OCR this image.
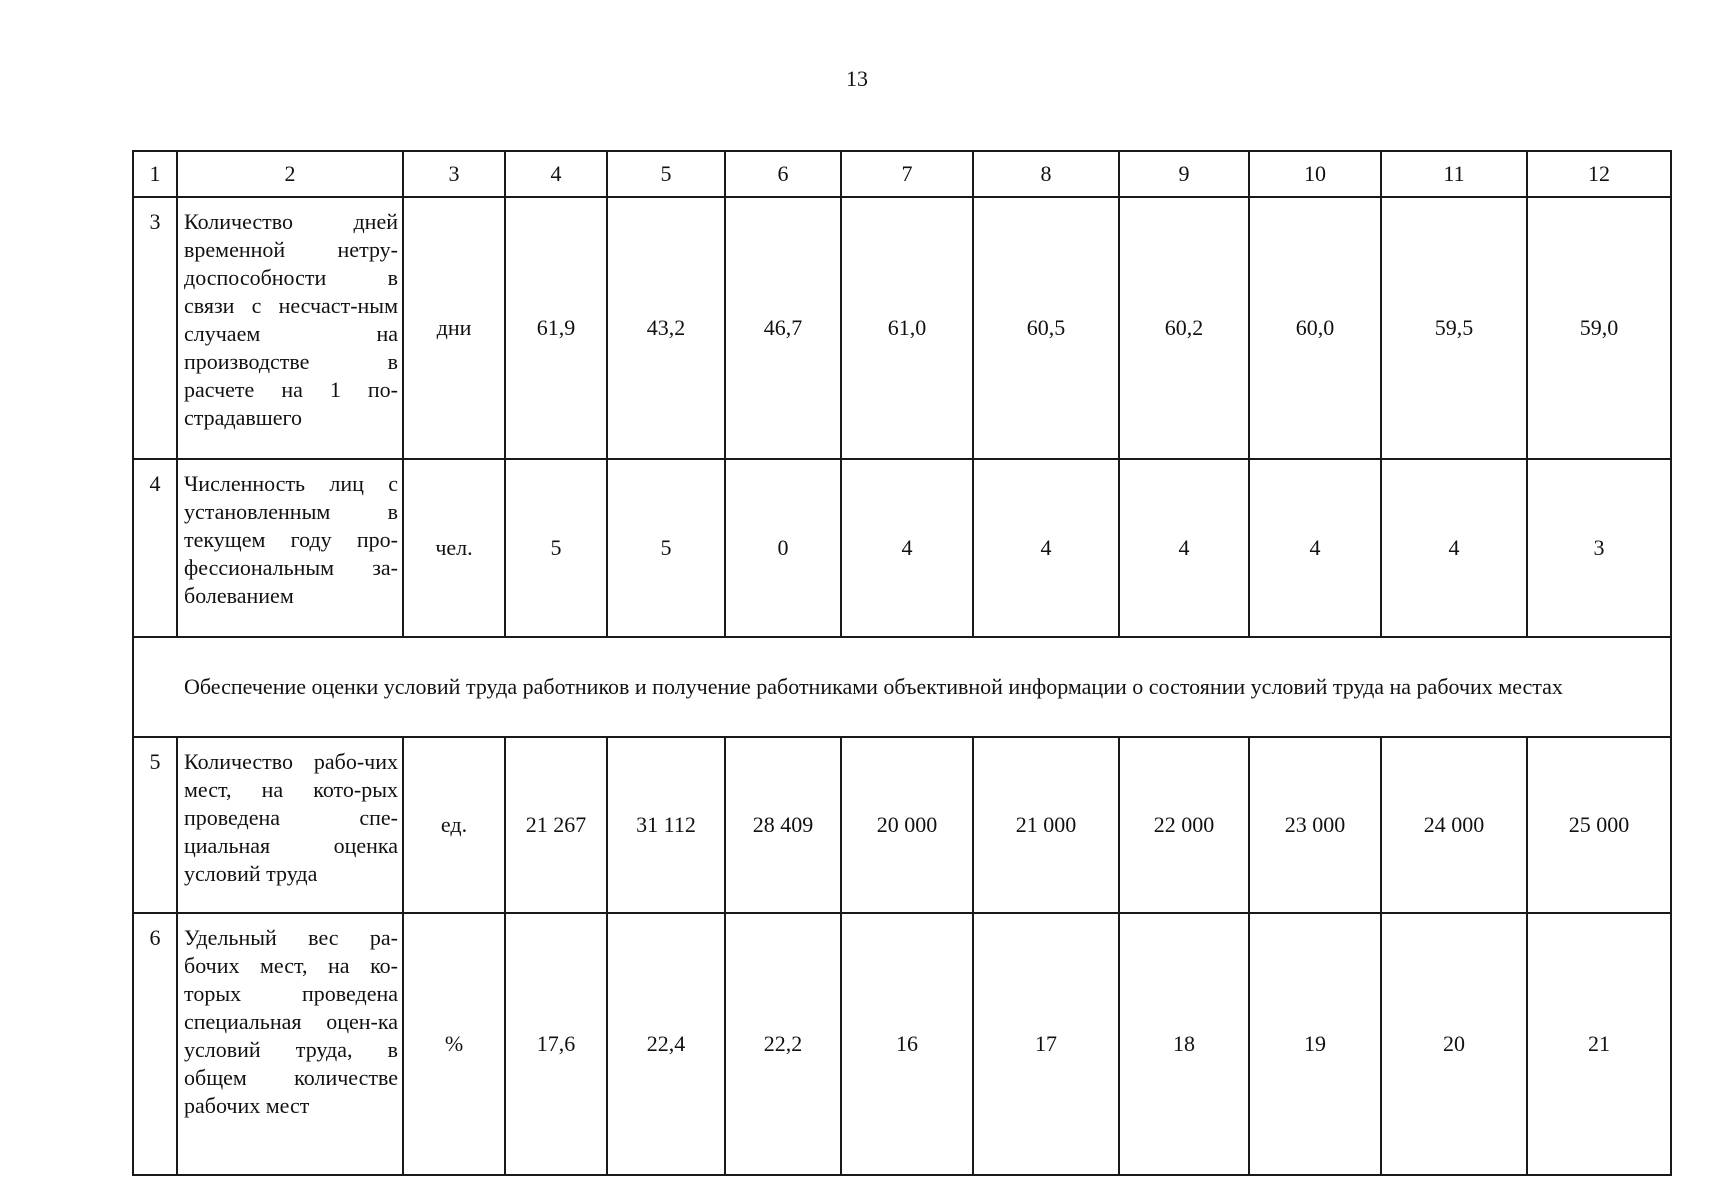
13
1	2	3	4	5	6	7	8	9	10	11	12
3	Количество дней временной нетру-доспособности в связи с несчаст-ным случаем на производстве в расчете на 1 по-страдавшего	дни	61,9	43,2	46,7	61,0	60,5	60,2	60,0	59,5	59,0
4	Численность лиц с установленным в текущем году про-фессиональным за-болеванием	чел.	5	5	0	4	4	4	4	4	3
Обеспечение оценки условий труда работников и получение работниками объективной информации о состоянии условий труда на рабочих местах											
5	Количество рабо-чих мест, на кото-рых проведена спе-циальная оценка условий труда	ед.	21 267	31 112	28 409	20 000	21 000	22 000	23 000	24 000	25 000
6	Удельный вес ра-бочих мест, на ко-торых проведена специальная оцен-ка условий труда, в общем количестве рабочих мест	%	17,6	22,4	22,2	16	17	18	19	20	21
